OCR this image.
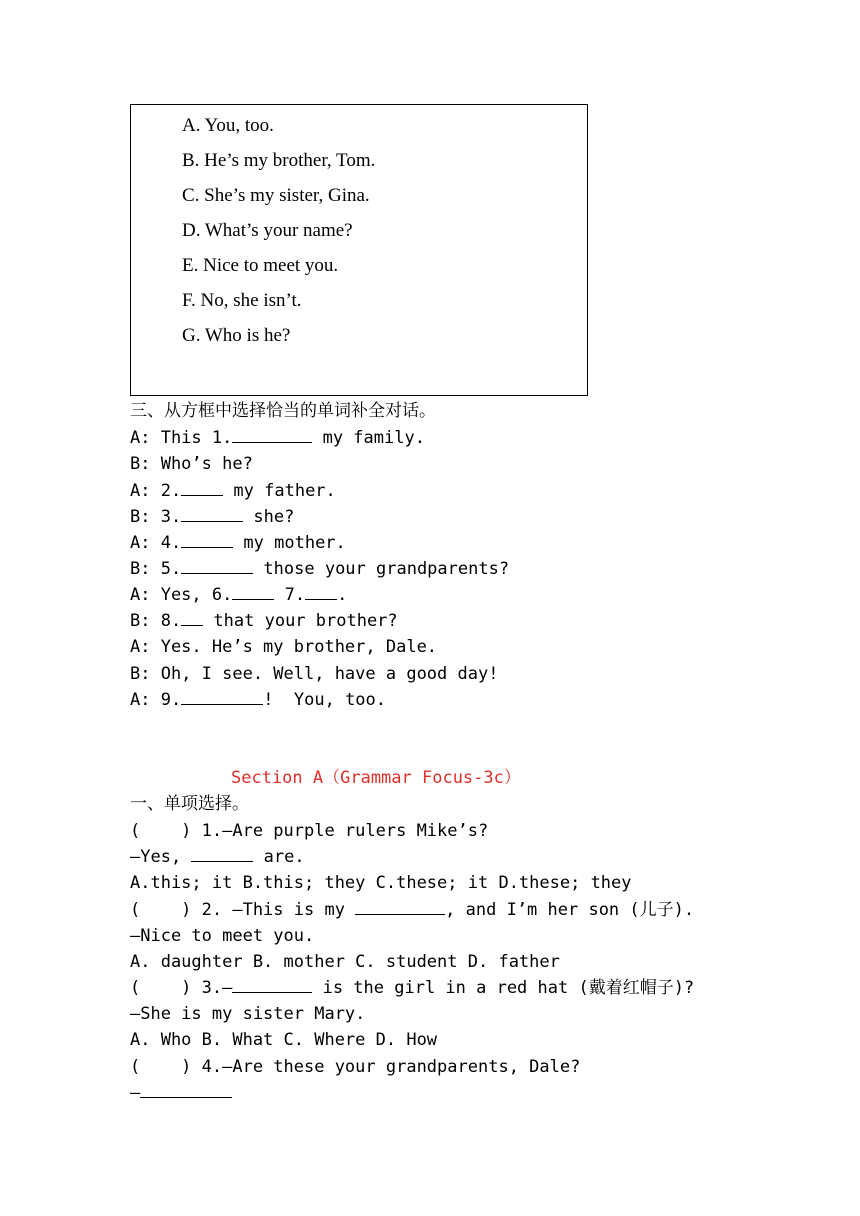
A. You, too.
B. He’s my brother, Tom.
C. She’s my sister, Gina.
D. What’s your name?
E. Nice to meet you.
F. No, she isn’t.
G. Who is he?
三、从方框中选择恰当的单词补全对话。
A: This 1.	my family.
B: Who’s he?
A: 2. my father.
B: 3.	she?
A: 4.	my mother.
B: 5.	those your grandparents?
A: Yes, 6. 7. .
B: 8. that your brother?
A: Yes. He’s my brother, Dale.
B: Oh, I see. Well, have a good day!
A: 9.	!  You, too.
Section A（Grammar Focus-3c）
一、单项选择。
(    ) 1.—Are purple rulers Mike’s?
—Yes,	are.
A.this; it B.this; they C.these; it D.these; they
(    ) 2. —This is my	, and I’m her son (儿子).
—Nice to meet you.
A. daughter B. mother C. student D. father
(    ) 3.—	is the girl in a red hat (戴着红帽子)?
—She is my sister Mary.
A. Who B. What C. Where D. How
(    ) 4.—Are these your grandparents, Dale?
—
